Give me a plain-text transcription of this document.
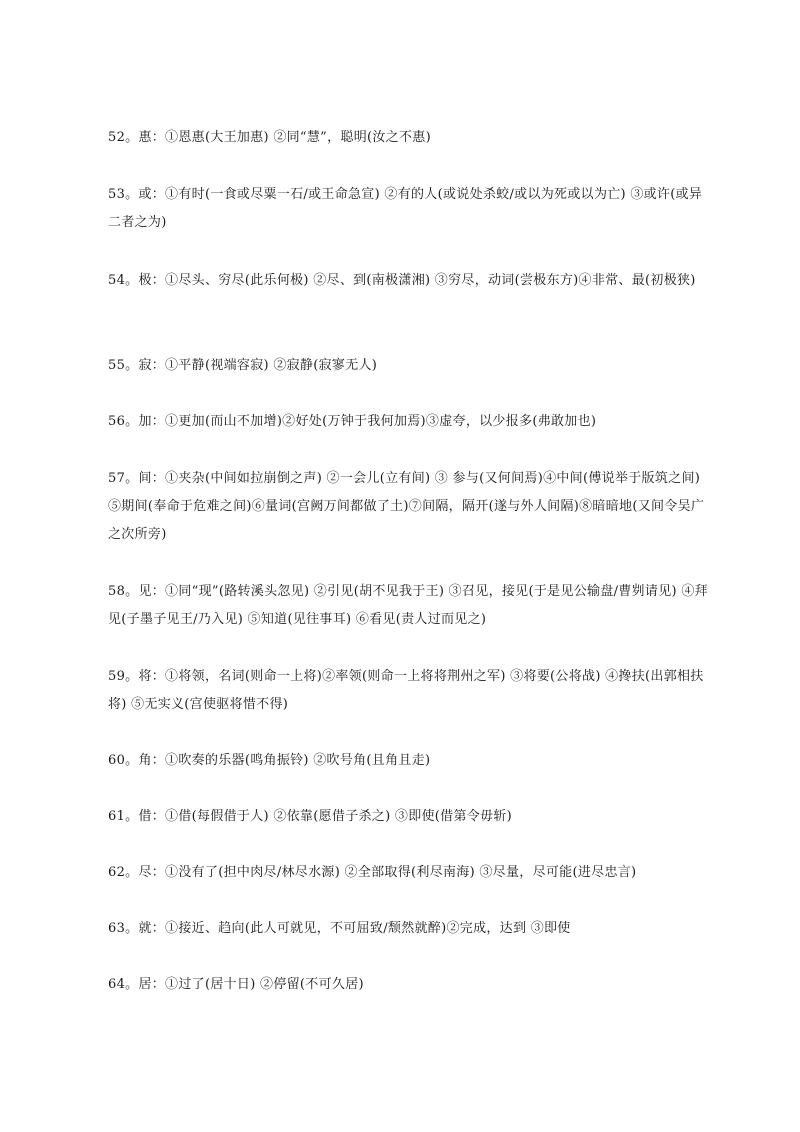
52。惠：①恩惠(大王加惠) ②同“慧”，聪明(汝之不惠)
53。或：①有时(一食或尽粟一石/或王命急宣) ②有的人(或说处杀蛟/或以为死或以为亡) ③或许(或异二者之为)
54。极：①尽头、穷尽(此乐何极) ②尽、到(南极潇湘) ③穷尽，动词(尝极东方)④非常、最(初极狭)
55。寂：①平静(视端容寂) ②寂静(寂寥无人)
56。加：①更加(而山不加增)②好处(万钟于我何加焉)③虚夸，以少报多(弗敢加也)
57。间：①夹杂(中间如拉崩倒之声) ②一会儿(立有间) ③ 参与(又何间焉)④中间(傅说举于版筑之间)⑤期间(奉命于危难之间)⑥量词(宫阙万间都做了土)⑦间隔，隔开(遂与外人间隔)⑧暗暗地(又间令吴广之次所旁)
58。见：①同“现”(路转溪头忽见) ②引见(胡不见我于王) ③召见，接见(于是见公输盘/曹刿请见) ④拜见(子墨子见王/乃入见) ⑤知道(见往事耳) ⑥看见(责人过而见之)
59。将：①将领，名词(则命一上将)②率领(则命一上将将荆州之军) ③将要(公将战) ④搀扶(出郭相扶将) ⑤无实义(宫使驱将惜不得)
60。角：①吹奏的乐器(鸣角振铃) ②吹号角(且角且走)
61。借：①借(每假借于人) ②依靠(愿借子杀之) ③即使(借第令毋斩)
62。尽：①没有了(担中肉尽/林尽水源) ②全部取得(利尽南海) ③尽量，尽可能(进尽忠言)
63。就：①接近、趋向(此人可就见，不可屈致/颓然就醉)②完成，达到 ③即使
64。居：①过了(居十日) ②停留(不可久居)
